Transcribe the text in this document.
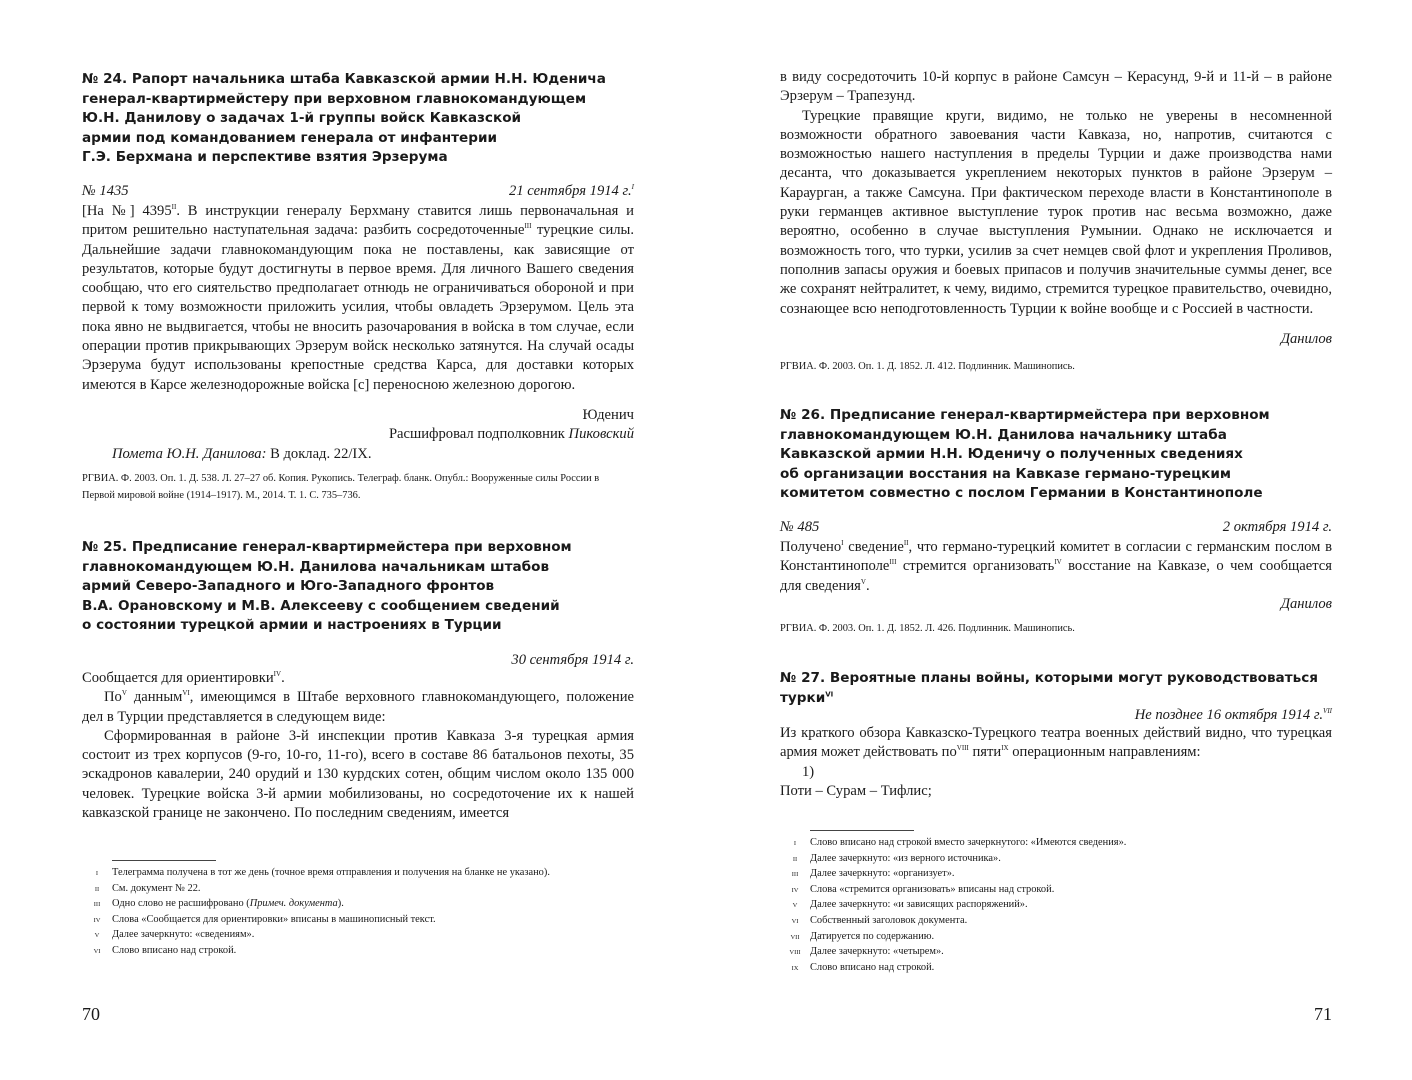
№ 24. Рапорт начальника штаба Кавказской армии Н.Н. Юденича

генерал-квартирмейстеру при верховном главнокомандующем

Ю.Н. Данилову о задачах 1-й группы войск Кавказской

армии под командованием генерала от инфантерии

Г.Э. Берхмана и перспективе взятия Эрзерума

№ 1435	21 сентября 1914 г.$^I$

[На №] $4395^{II}$. В инструкции генералу Берхману ставится лишь первоначальная и притом решительно наступательная задача: разбить сосредоточенные$^{III}$ турецкие силы. Дальнейшие задачи главнокомандующим пока не поставлены, как зависящие от результатов, которые будут достигнуты в первое время. Для личного Вашего сведения сообщаю, что его сиятельство предполагает отнюдь не ограничиваться обороной и при первой к тому возможности приложить усилия, чтобы овладеть Эрзерумом. Цель эта пока явно не выдвигается, чтобы не вносить разочарования в войска в том случае, если операции против прикрывающих Эрзерум войск несколько затянутся. На случай осады Эрзерума будут использованы крепостные средства Карса, для доставки которых имеются в Карсе железнодорожные войска [с] переносною железною дорогою.

Юденич
Расшифровал подполковник Пиковский
Помета Ю.Н. Данилова: В доклад. 22/IX.
РГВИА. Ф. 2003. Оп. 1. Д. 538. Л. 27–27 об. Копия. Рукопись. Телеграф. бланк. Опубл.: Вооруженные силы России в Первой мировой войне (1914–1917). М., 2014. Т. 1. С. 735–736.

№ 25. Предписание генерал-квартирмейстера при верховном

главнокомандующем Ю.Н. Данилова начальникам штабов

армий Северо-Западного и Юго-Западного фронтов

В.А. Орановскому и М.В. Алексееву с сообщением сведений

о состоянии турецкой армии и настроениях в Турции

30 сентября 1914 г.

Сообщается для ориентировки$^{IV}$.

$По^V$ данным$^{VI}$, имеющимся в Штабе верховного главнокомандующего, положение дел в Турции представляется в следующем виде:

Сформированная в районе 3-й инспекции против Кавказа 3-я турецкая армия состоит из трех корпусов (9-го, 10-го, 11-го), всего в составе 86 батальонов пехоты, 35 эскадронов кавалерии, 240 орудий и 130 курдских сотен, общим числом около 135 000 человек. Турецкие войска 3-й армии мобилизованы, но сосредоточение их к нашей кавказской границе не закончено. По последним сведениям, имеется

I	Телеграмма получена в тот же день (точное время отправления и получения на бланке не указано).
II	См. документ № 22.
III	Одно слово не расшифровано (Примеч. документа).
IV	Слова «Сообщается для ориентировки» вписаны в машинописный текст.
V	Далее зачеркнуто: «сведениям».
VI	Слово вписано над строкой.
70

в виду сосредоточить 10-й корпус в районе Самсун – Керасунд, 9-й и 11-й – в районе Эрзерум – Трапезунд.

Турецкие правящие круги, видимо, не только не уверены в несомненной возможности обратного завоевания части Кавказа, но, напротив, считаются с возможностью нашего наступления в пределы Турции и даже производства нами десанта, что доказывается укреплением некоторых пунктов в районе Эрзерум – Караурган, а также Самсуна. При фактическом переходе власти в Константинополе в руки германцев активное выступление турок против нас весьма возможно, даже вероятно, особенно в случае выступления Румынии. Однако не исключается и возможность того, что турки, усилив за счет немцев свой флот и укрепления Проливов, пополнив запасы оружия и боевых припасов и получив значительные суммы денег, все же сохранят нейтралитет, к чему, видимо, стремится турецкое правительство, очевидно, сознающее всю неподготовленность Турции к войне вообще и с Россией в частности.

Данилов
РГВИА. Ф. 2003. Оп. 1. Д. 1852. Л. 412. Подлинник. Машинопись.

№ 26. Предписание генерал-квартирмейстера при верховном

главнокомандующем Ю.Н. Данилова начальнику штаба

Кавказской армии Н.Н. Юденичу о полученных сведениях

об организации восстания на Кавказе германо-турецким

комитетом совместно с послом Германии в Константинополе

№ 485	2 октября 1914 г.

Получено$^I$ сведение$^{II}$, что германо-турецкий комитет в согласии с германским послом в Константинополе$^{III}$ стремится организовать$^{IV}$ восстание на Кавказе, о чем сообщается для сведения$^V$.

Данилов
РГВИА. Ф. 2003. Оп. 1. Д. 1852. Л. 426. Подлинник. Машинопись.

№ 27. Вероятные планы войны, которыми могут руководствоваться турки$^{VI}$

Не позднее 16 октября 1914 г.$^{VII}$

Из краткого обзора Кавказско-Турецкого театра военных действий видно, что турецкая армия может действовать $по^{VIII}$ пяти$^{IX}$ операционным направлениям:

1)

Поти – Сурам – Тифлис;

I	Слово вписано над строкой вместо зачеркнутого: «Имеются сведения».
II	Далее зачеркнуто: «из верного источника».
III	Далее зачеркнуто: «организует».
IV	Слова «стремится организовать» вписаны над строкой.
V	Далее зачеркнуто: «и зависящих распоряжений».
VI	Собственный заголовок документа.
VII	Датируется по содержанию.
VIII Далее зачеркнуто: «четырем».
IX	Слово вписано над строкой.
71
